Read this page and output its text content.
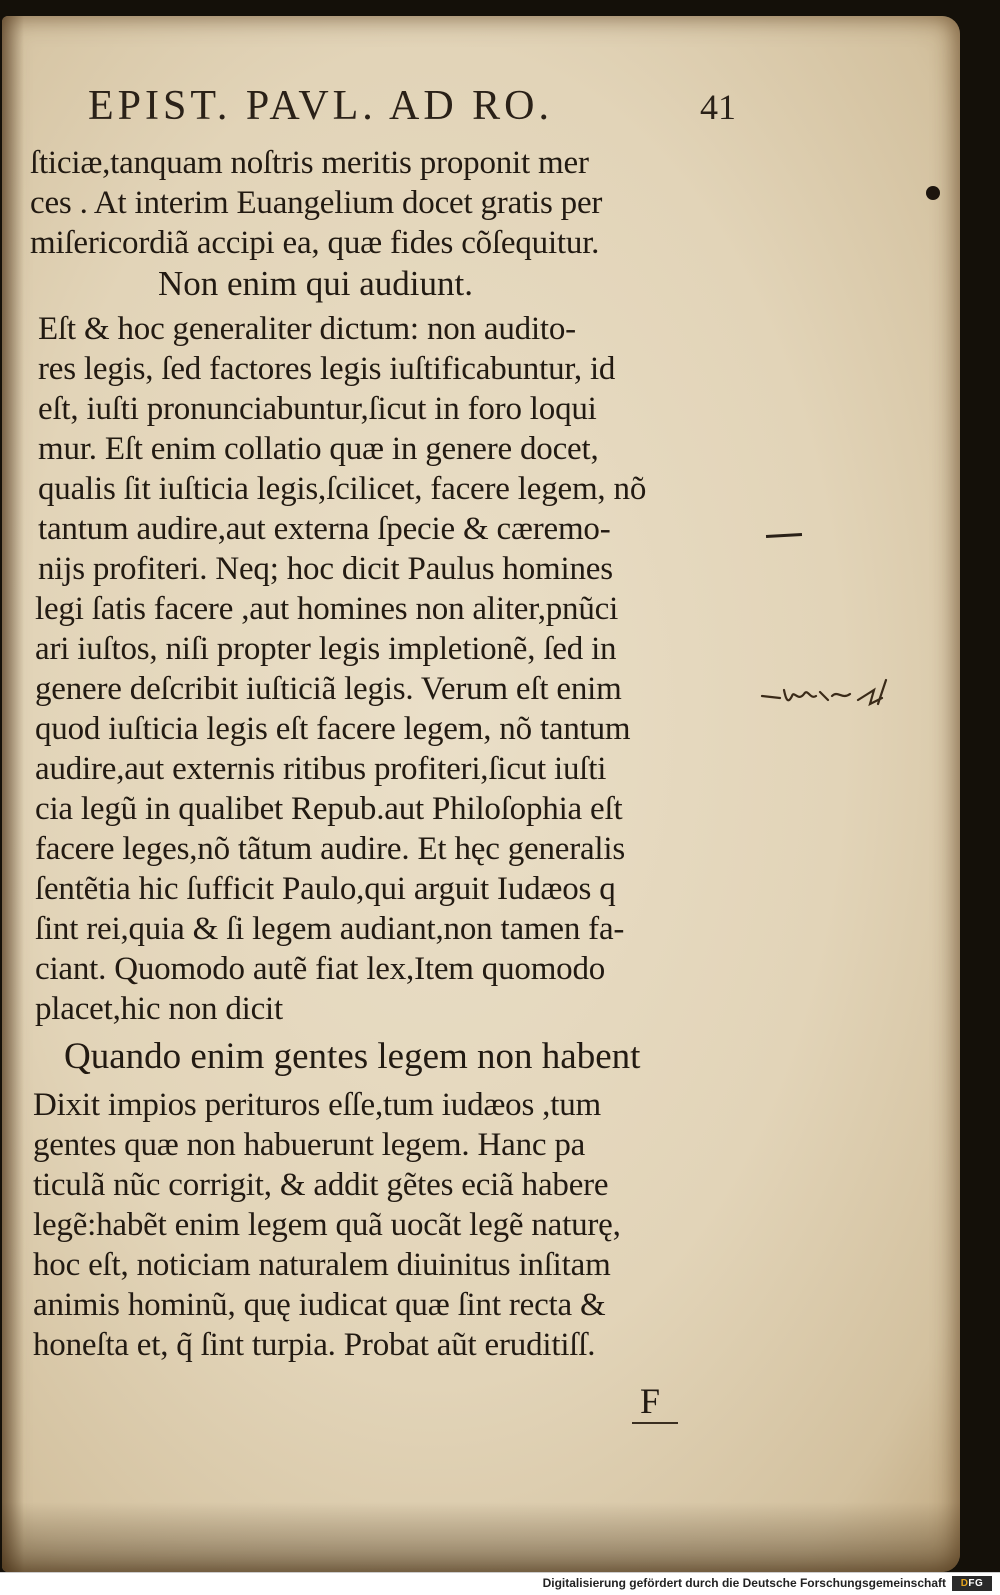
EPIST. PAVL. AD RO.	41
ſticiæ,tanquam noſtris meritis proponit mer
ces . At interim Euangelium docet gratis per
miſericordiã accipi ea, quæ fides cõſequitur.
Non enim qui audiunt.
Eſt & hoc generaliter dictum: non audito-
res legis, ſed factores legis iuſtificabuntur, id
eſt, iuſti pronunciabuntur,ſicut in foro loqui
mur. Eſt enim collatio quæ in genere docet,
qualis ſit iuſticia legis,ſcilicet, facere legem, nõ
tantum audire,aut externa ſpecie & cæremo-
nijs profiteri. Neq; hoc dicit Paulus homines
legi ſatis facere ,aut homines non aliter,pnũci
ari iuſtos, niſi propter legis impletionẽ, ſed in
genere deſcribit iuſticiã legis. Verum eſt enim
quod iuſticia legis eſt facere legem, nõ tantum
audire,aut externis ritibus profiteri,ſicut iuſti
cia legũ in qualibet Repub.aut Philoſophia eſt
facere leges,nõ tãtum audire. Et hęc generalis
ſentẽtia hic ſufficit Paulo,qui arguit Iudæos q
ſint rei,quia & ſi legem audiant,non tamen fa-
ciant. Quomodo autẽ fiat lex,Item quomodo
placet,hic non dicit
Quando enim gentes legem non habent
Dixit impios perituros eſſe,tum iudæos ,tum
gentes quæ non habuerunt legem. Hanc pa
ticulã nũc corrigit, & addit gẽtes eciã habere
legẽ:habẽt enim legem quã uocãt legẽ naturę,
hoc eſt, noticiam naturalem diuinitus inſitam
animis hominũ, quę iudicat quæ ſint recta &
honeſta et, q̃ ſint turpia. Probat aũt eruditiſſ.
F
Digitalisierung gefördert durch die Deutsche Forschungsgemeinschaft	DFG
